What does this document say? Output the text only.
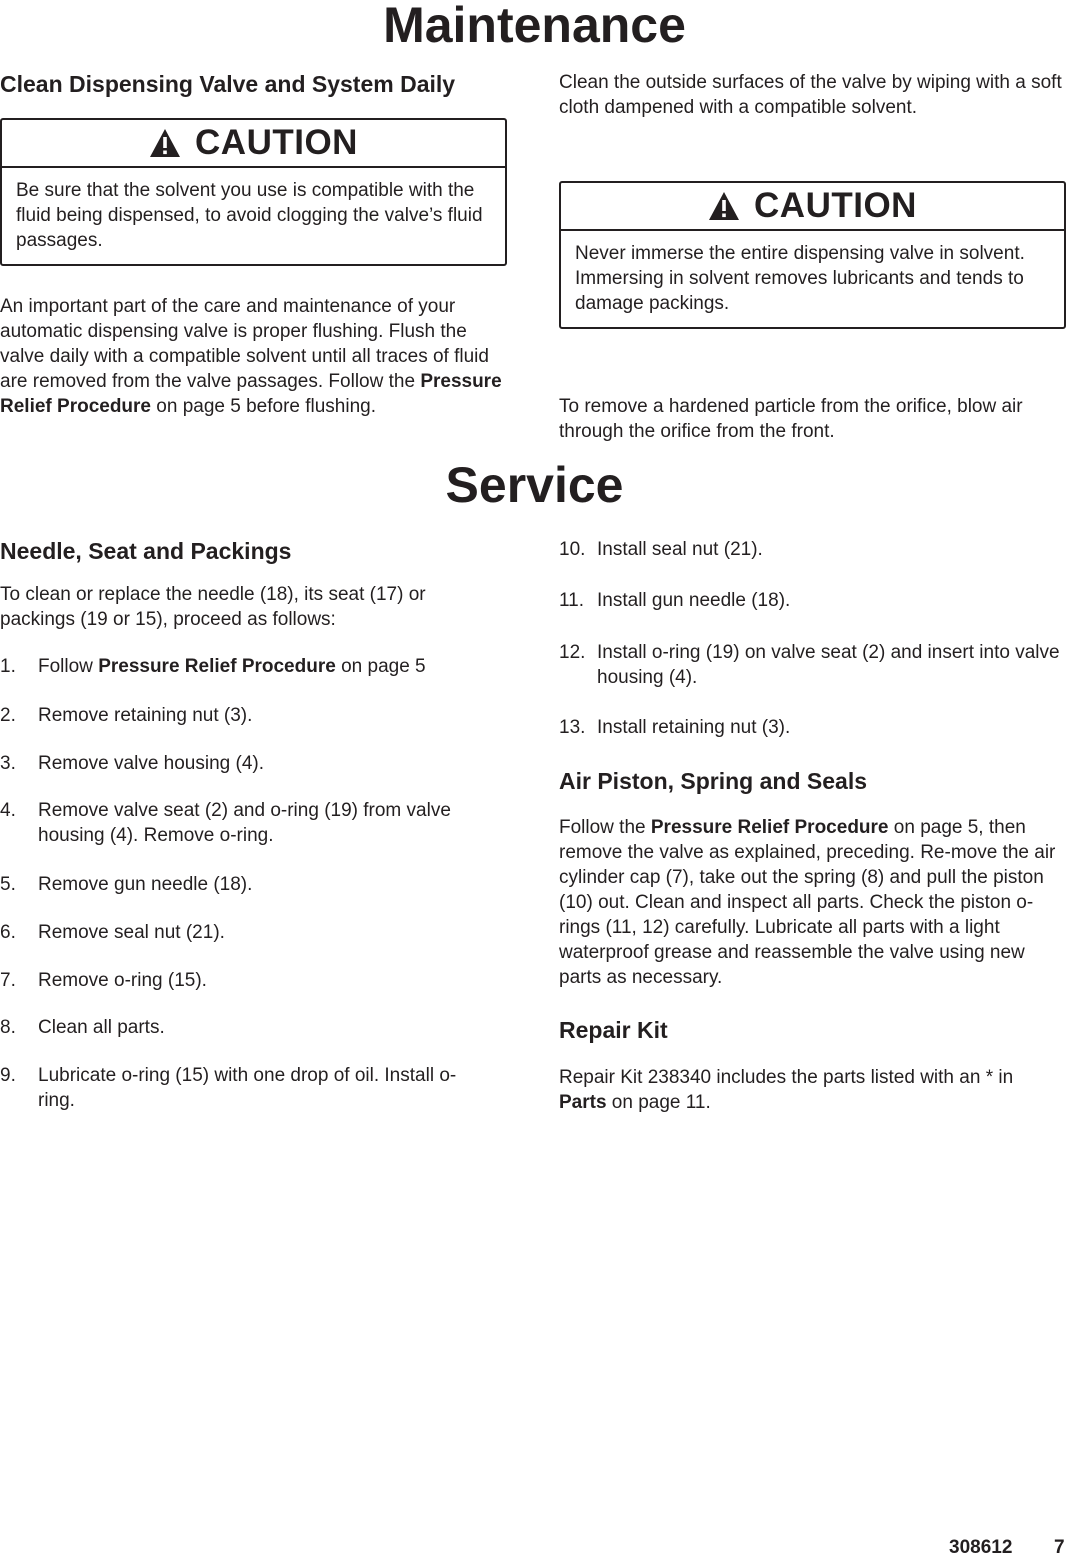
Maintenance

Clean Dispensing Valve and System Daily

CAUTION
Be sure that the solvent you use is compatible with the fluid being dispensed, to avoid clogging the valve’s fluid passages.

An important part of the care and maintenance of your automatic dispensing valve is proper flushing. Flush the valve daily with a compatible solvent until all traces of fluid are removed from the valve passages. Follow the Pressure Relief Procedure on page 5 before flushing.

Clean the outside surfaces of the valve by wiping with a soft cloth dampened with a compatible solvent.

CAUTION
Never immerse the entire dispensing valve in solvent. Immersing in solvent removes lubricants and tends to damage packings.

To remove a hardened particle from the orifice, blow air through the orifice from the front.

Service

Needle, Seat and Packings

To clean or replace the needle (18), its seat (17) or packings (19 or 15), proceed as follows:

1. Follow Pressure Relief Procedure on page 5
2. Remove retaining nut (3).
3. Remove valve housing (4).
4. Remove valve seat (2) and o-ring (19) from valve housing (4). Remove o-ring.
5. Remove gun needle (18).
6. Remove seal nut (21).
7. Remove o-ring (15).
8. Clean all parts.
9. Lubricate o-ring (15) with one drop of oil. Install o-ring.
10. Install seal nut (21).
11. Install gun needle (18).
12. Install o-ring (19) on valve seat (2) and insert into valve housing (4).
13. Install retaining nut (3).

Air Piston, Spring and Seals

Follow the Pressure Relief Procedure on page 5, then remove the valve as explained, preceding. Re-move the air cylinder cap (7), take out the spring (8) and pull the piston (10) out. Clean and inspect all parts. Check the piston o-rings (11, 12) carefully. Lubricate all parts with a light waterproof grease and reassemble the valve using new parts as necessary.

Repair Kit

Repair Kit 238340 includes the parts listed with an * in Parts on page 11.

308612 7
